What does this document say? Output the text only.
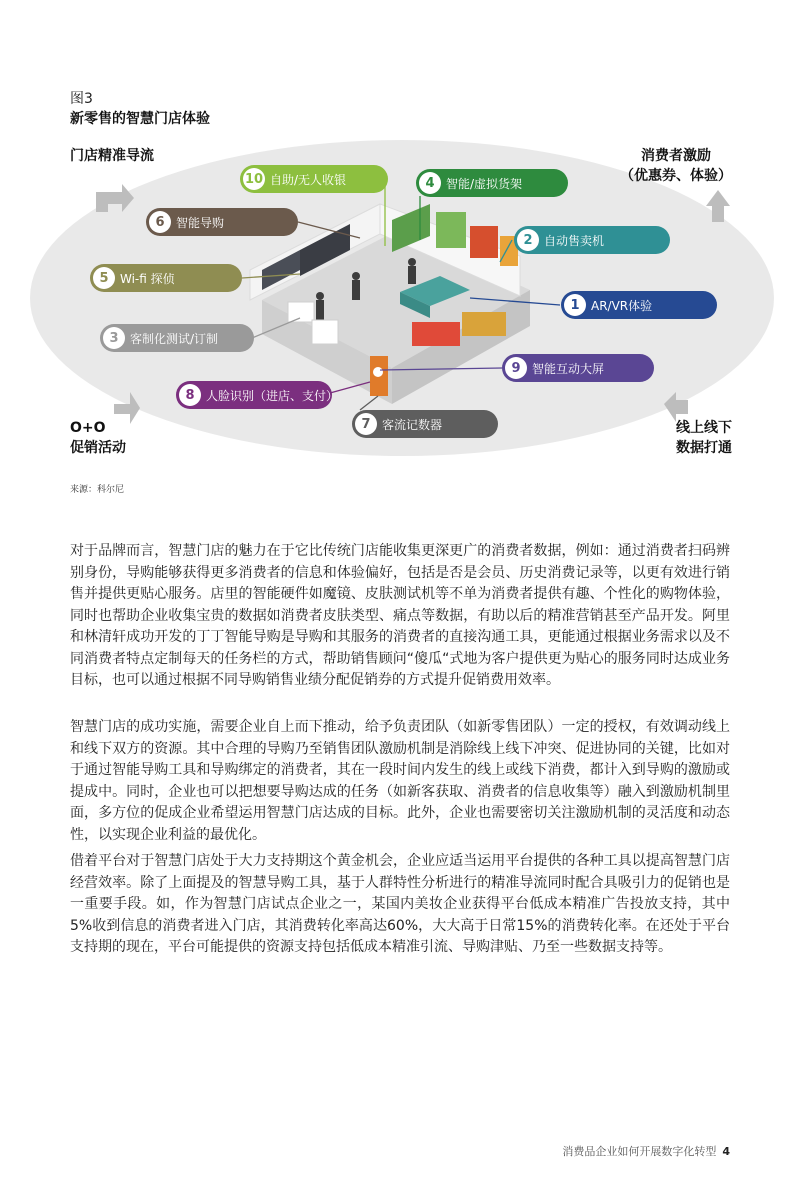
图3
新零售的智慧门店体验
门店精准导流	消费者激励
（优惠券、体验）
O+O
促销活动
线上线下
数据打通
10 自助/无人收银	4 智能/虚拟货架
6 智能导购
2 自动售卖机
5 Wi-fi 探侦
1 AR/VR体验
3 客制化测试/订制
9 智能互动大屏
8 人脸识别（进店、支付）
7 客流记数器
来源：科尔尼

对于品牌而言，智慧门店的魅力在于它比传统门店能收集更深更广的消费者数据，例如：通过消费者扫码辨别身份，导购能够获得更多消费者的信息和体验偏好，包括是否是会员、历史消费记录等，以更有效进行销售并提供更贴心服务。店里的智能硬件如魔镜、皮肤测试机等不单为消费者提供有趣、个性化的购物体验，同时也帮助企业收集宝贵的数据如消费者皮肤类型、痛点等数据，有助以后的精准营销甚至产品开发。阿里和林清轩成功开发的丁丁智能导购是导购和其服务的消费者的直接沟通工具，更能通过根据业务需求以及不同消费者特点定制每天的任务栏的方式，帮助销售顾问“傻瓜“式地为客户提供更为贴心的服务同时达成业务目标，也可以通过根据不同导购销售业绩分配促销券的方式提升促销费用效率。

智慧门店的成功实施，需要企业自上而下推动，给予负责团队（如新零售团队）一定的授权，有效调动线上和线下双方的资源。其中合理的导购乃至销售团队激励机制是消除线上线下冲突、促进协同的关键，比如对于通过智能导购工具和导购绑定的消费者，其在一段时间内发生的线上或线下消费，都计入到导购的激励或提成中。同时，企业也可以把想要导购达成的任务（如新客获取、消费者的信息收集等）融入到激励机制里面，多方位的促成企业希望运用智慧门店达成的目标。此外，企业也需要密切关注激励机制的灵活度和动态性，以实现企业利益的最优化。

借着平台对于智慧门店处于大力支持期这个黄金机会，企业应适当运用平台提供的各种工具以提高智慧门店经营效率。除了上面提及的智慧导购工具，基于人群特性分析进行的精准导流同时配合具吸引力的促销也是一重要手段。如，作为智慧门店试点企业之一，某国内美妆企业获得平台低成本精准广告投放支持，其中5%收到信息的消费者进入门店，其消费转化率高达60%，大大高于日常15%的消费转化率。在还处于平台支持期的现在，平台可能提供的资源支持包括低成本精准引流、导购津贴、乃至一些数据支持等。

消费品企业如何开展数字化转型 4
